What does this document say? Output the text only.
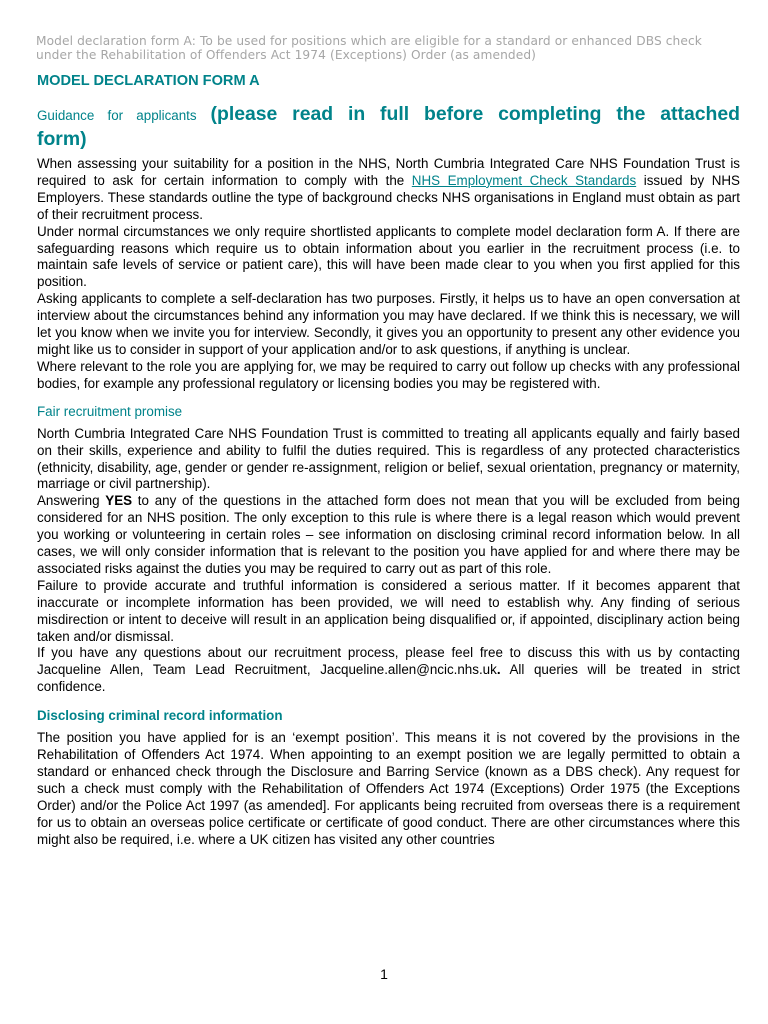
Model declaration form A: To be used for positions which are eligible for a standard or enhanced DBS check
under the Rehabilitation of Offenders Act 1974 (Exceptions) Order (as amended)
MODEL DECLARATION FORM A
Guidance for applicants (please read in full before completing the attached
form)

When assessing your suitability for a position in the NHS, North Cumbria Integrated Care NHS Foundation Trust is required to ask for certain information to comply with the NHS Employment Check Standards issued by NHS Employers. These standards outline the type of background checks NHS organisations in England must obtain as part of their recruitment process.

Under normal circumstances we only require shortlisted applicants to complete model declaration form A. If there are safeguarding reasons which require us to obtain information about you earlier in the recruitment process (i.e. to maintain safe levels of service or patient care), this will have been made clear to you when you first applied for this position.

Asking applicants to complete a self-declaration has two purposes. Firstly, it helps us to have an open conversation at interview about the circumstances behind any information you may have declared. If we think this is necessary, we will let you know when we invite you for interview. Secondly, it gives you an opportunity to present any other evidence you might like us to consider in support of your application and/or to ask questions, if anything is unclear.

Where relevant to the role you are applying for, we may be required to carry out follow up checks with any professional bodies, for example any professional regulatory or licensing bodies you may be registered with.

Fair recruitment promise

North Cumbria Integrated Care NHS Foundation Trust is committed to treating all applicants equally and fairly based on their skills, experience and ability to fulfil the duties required. This is regardless of any protected characteristics (ethnicity, disability, age, gender or gender re-assignment, religion or belief, sexual orientation, pregnancy or maternity, marriage or civil partnership).

Answering YES to any of the questions in the attached form does not mean that you will be excluded from being considered for an NHS position. The only exception to this rule is where there is a legal reason which would prevent you working or volunteering in certain roles – see information on disclosing criminal record information below. In all cases, we will only consider information that is relevant to the position you have applied for and where there may be associated risks against the duties you may be required to carry out as part of this role.

Failure to provide accurate and truthful information is considered a serious matter. If it becomes apparent that inaccurate or incomplete information has been provided, we will need to establish why. Any finding of serious misdirection or intent to deceive will result in an application being disqualified or, if appointed, disciplinary action being taken and/or dismissal.

If you have any questions about our recruitment process, please feel free to discuss this with us by contacting Jacqueline Allen, Team Lead Recruitment, Jacqueline.allen@ncic.nhs.uk. All queries will be treated in strict confidence.

Disclosing criminal record information

The position you have applied for is an ‘exempt position’. This means it is not covered by the provisions in the Rehabilitation of Offenders Act 1974. When appointing to an exempt position we are legally permitted to obtain a standard or enhanced check through the Disclosure and Barring Service (known as a DBS check). Any request for such a check must comply with the Rehabilitation of Offenders Act 1974 (Exceptions) Order 1975 (the Exceptions Order) and/or the Police Act 1997 (as amended]. For applicants being recruited from overseas there is a requirement for us to obtain an overseas police certificate or certificate of good conduct. There are other circumstances where this might also be required, i.e. where a UK citizen has visited any other countries

1
